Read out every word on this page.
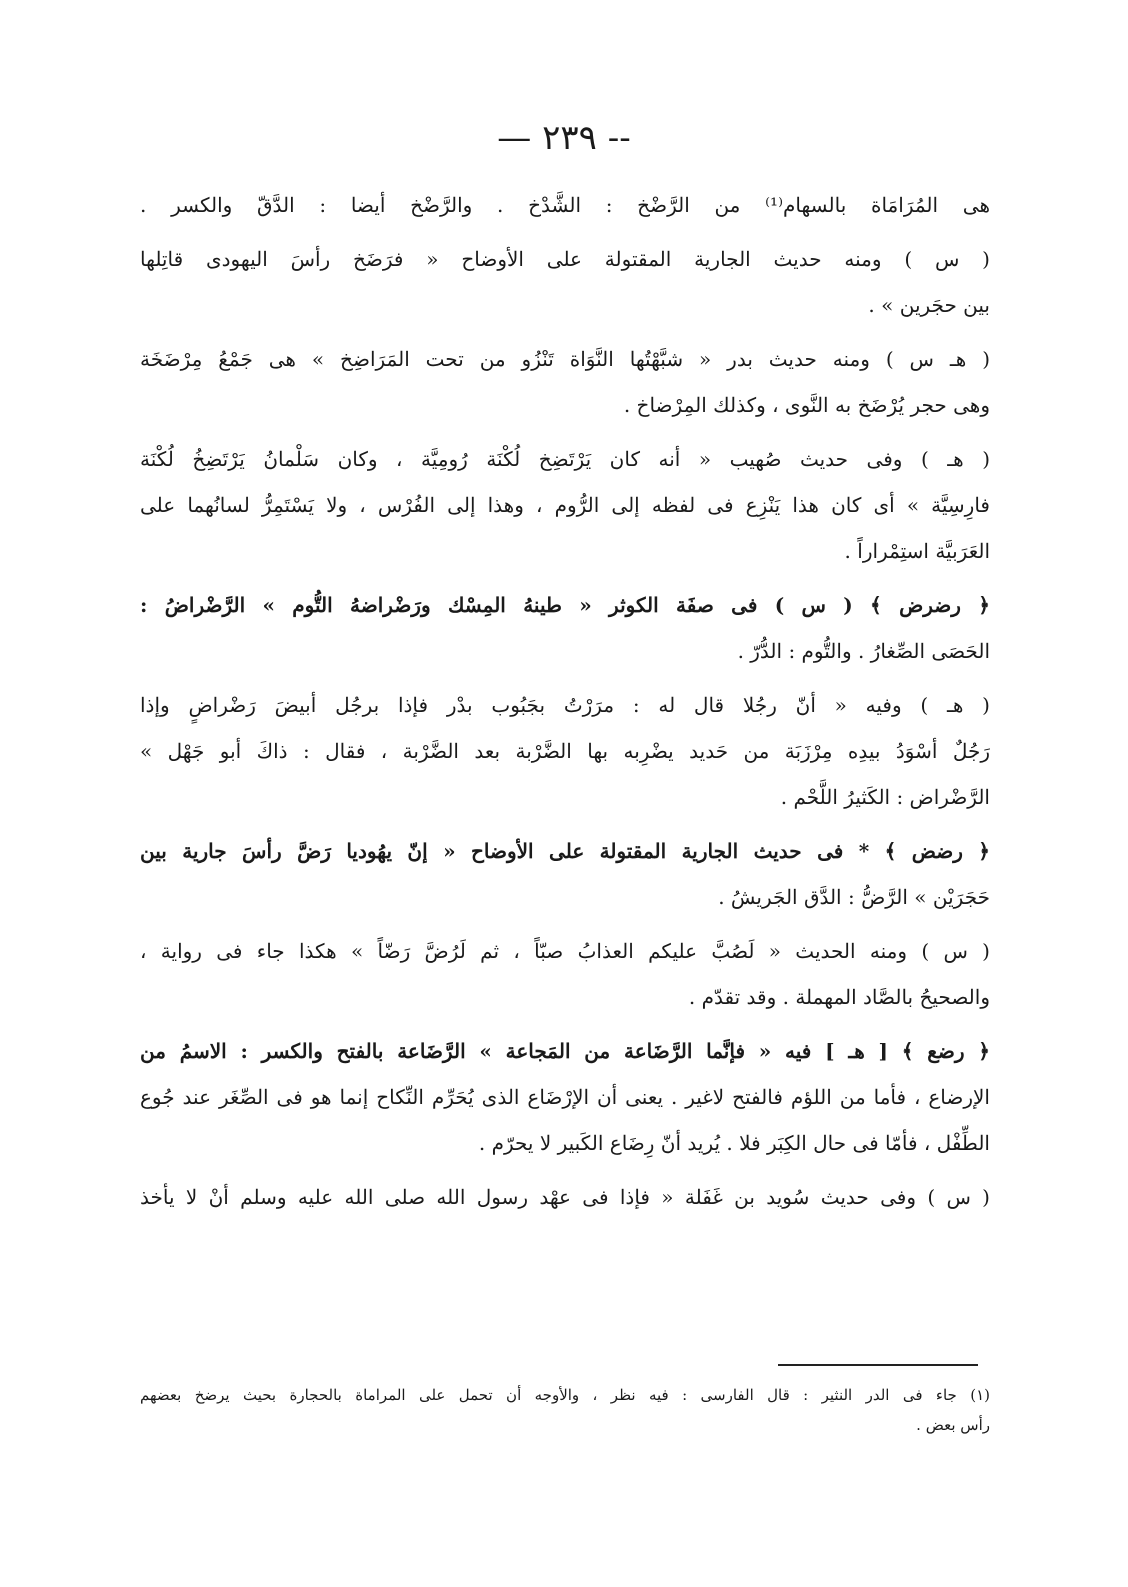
— ٢٣٩ --
هى المُرَامَاة بالسهام⁽¹⁾ من الرَّضْخ : الشَّدْخ . والرَّضْخ أيضا : الدَّقّ والكسر .
( س ) ومنه حديث الجارية المقتولة على الأوضاح « فرَضَخ رأسَ اليهودى قاتِلها
بين حجَرين » .
( هـ س ) ومنه حديث بدر « شبَّهْتُها النَّوَاة تَنْزُو من تحت المَرَاضِخ » هى جَمْعُ مِرْضَخَة
وهى حجر يُرْضَخ به النَّوى ، وكذلك المِرْضاخ .
( هـ ) وفى حديث صُهيب « أنه كان يَرْتَضِخ لُكْنَة رُومِيَّة ، وكان سَلْمانُ يَرْتَضِخُ لُكْنَة
فارِسِيَّة » أى كان هذا يَنْزِع فى لفظه إلى الرُّوم ، وهذا إلى الفُرْس ، ولا يَسْتَمِرُّ لسانُهما على
العَرَبيَّة استِمْراراً .
﴿ رضرض ﴾ ( س ) فى صفَة الكوثر « طينهُ المِسْك ورَضْراضهُ التُّوم » الرَّضْراضُ :
الحَصَى الصِّغارُ . والتُّوم : الدُّرّ .
( هـ ) وفيه « أنّ رجُلا قال له : مرَرْتُ بجَبُوب بدْر فإذا برجُل أبيضَ رَضْراضٍ وإذا
رَجُلٌ أسْوَدُ بيدِه مِرْزَبَة من حَديد يضْرِبه بها الضَّرْبة بعد الضَّرْبة ، فقال : ذاكَ أبو جَهْل »
الرَّضْراض : الكَثيرُ اللَّحْم .
﴿ رضض ﴾ * فى حديث الجارية المقتولة على الأوضاح « إنّ يهُوديا رَضَّ رأسَ جارية بين
حَجَرَيْن » الرَّضُّ : الدَّق الجَريشُ .
( س ) ومنه الحديث « لَصُبَّ عليكم العذابُ صبّاً ، ثم لَرُضَّ رَضّاً » هكذا جاء فى رواية ،
والصحيحُ بالصَّاد المهملة . وقد تقدّم .
﴿ رضع ﴾ [ هـ ] فيه « فإنَّما الرَّضَاعة من المَجاعة » الرَّضَاعة بالفتح والكسر : الاسمُ من
الإرضاع ، فأما من اللؤم فالفتح لاغير . يعنى أن الإرْضَاع الذى يُحَرِّم النِّكاح إنما هو فى الصِّغَر عند جُوع
الطِّفْل ، فأمّا فى حال الكِبَر فلا . يُريد أنّ رِضَاع الكَبير لا يحرّم .
( س ) وفى حديث سُويد بن غَفَلة « فإذا فى عهْد رسول الله صلى الله عليه وسلم أنْ لا يأخذ
(١) جاء فى الدر النثير : قال الفارسى : فيه نظر ، والأوجه أن تحمل على المراماة بالحجارة بحيث يرضخ بعضهم
رأس بعض .
